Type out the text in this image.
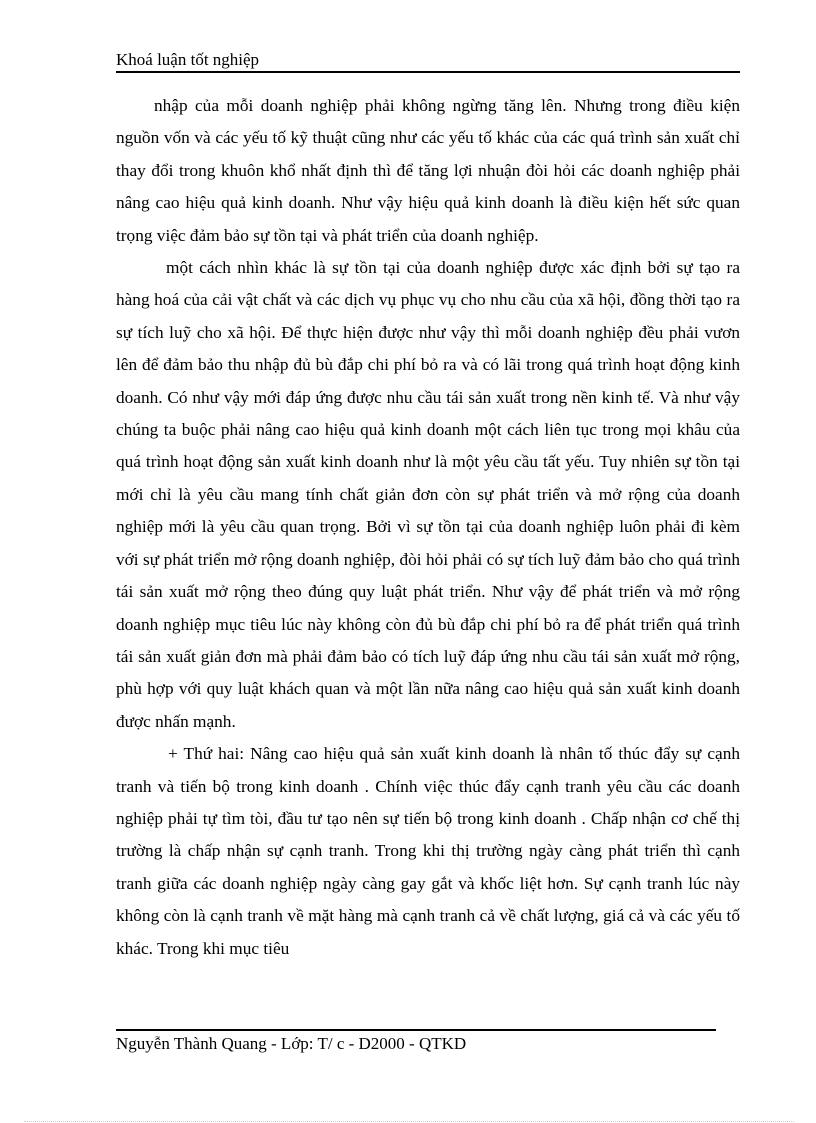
Khoá luận tốt nghiệp

nhập của mỗi doanh nghiệp phải không ngừng tăng lên. Nhưng trong điều kiện nguồn vốn và các yếu tố kỹ thuật cũng như các yếu tố khác của các quá trình sản xuất chỉ thay đổi trong khuôn khổ nhất định thì để tăng lợi nhuận đòi hỏi các doanh nghiệp phải nâng cao hiệu quả kinh doanh. Như vậy hiệu quả kinh doanh là điều kiện hết sức quan trọng việc đảm bảo sự tồn tại và phát triển của doanh nghiệp.

một cách nhìn khác là sự tồn tại của doanh nghiệp được xác định bởi sự tạo ra hàng hoá của cải vật chất và các dịch vụ phục vụ cho nhu cầu của xã hội, đồng thời tạo ra sự tích luỹ cho xã hội. Để thực hiện được như vậy thì mỗi doanh nghiệp đều phải vươn lên để đảm bảo thu nhập đủ bù đắp chi phí bỏ ra và có lãi trong quá trình hoạt động kinh doanh. Có như vậy mới đáp ứng được nhu cầu tái sản xuất trong nền kinh tế. Và như vậy chúng ta buộc phải nâng cao hiệu quả kinh doanh một cách liên tục trong mọi khâu của quá trình hoạt động sản xuất kinh doanh như là một yêu cầu tất yếu. Tuy nhiên sự tồn tại mới chỉ là yêu cầu mang tính chất giản đơn còn sự phát triển và mở rộng của doanh nghiệp mới là yêu cầu quan trọng. Bởi vì sự tồn tại của doanh nghiệp luôn phải đi kèm với sự phát triển mở rộng doanh nghiệp, đòi hỏi phải có sự tích luỹ đảm bảo cho quá trình tái sản xuất mở rộng theo đúng quy luật phát triển. Như vậy để phát triển và mở rộng doanh nghiệp mục tiêu lúc này không còn đủ bù đắp chi phí bỏ ra để phát triển quá trình tái sản xuất giản đơn mà phải đảm bảo có tích luỹ đáp ứng nhu cầu tái sản xuất mở rộng, phù hợp với quy luật khách quan và một lần nữa nâng cao hiệu quả sản xuất kinh doanh được nhấn mạnh.

+ Thứ hai: Nâng cao hiệu quả sản xuất kinh doanh là nhân tố thúc đẩy sự cạnh tranh và tiến bộ trong kinh doanh . Chính việc thúc đẩy cạnh tranh yêu cầu các doanh nghiệp phải tự tìm tòi, đầu tư tạo nên sự tiến bộ trong kinh doanh . Chấp nhận cơ chế thị trường là chấp nhận sự cạnh tranh. Trong khi thị trường ngày càng phát triển thì cạnh tranh giữa các doanh nghiệp ngày càng gay gắt và khốc liệt hơn. Sự cạnh tranh lúc này không còn là cạnh tranh về mặt hàng mà cạnh tranh cả về chất lượng, giá cả và các yếu tố khác. Trong khi mục tiêu

Nguyễn Thành Quang - Lớp: T/ c - D2000 - QTKD
